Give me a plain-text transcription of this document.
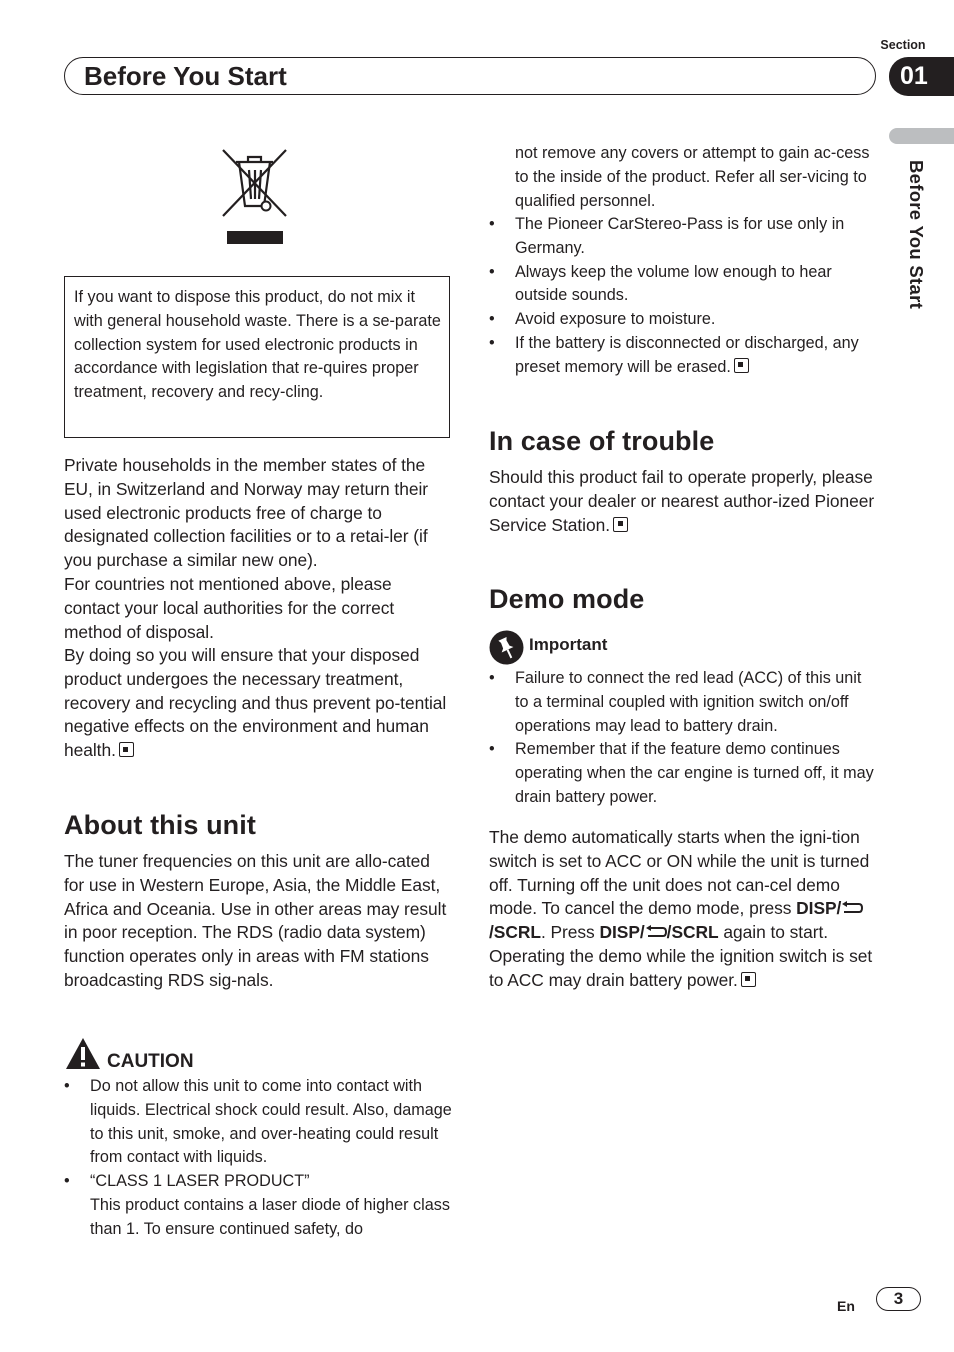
Section
Before You Start	01
Before You Start
If you want to dispose this product, do not mix it with general household waste. There is a se-parate collection system for used electronic products in accordance with legislation that re-quires proper treatment, recovery and recy-cling.
Private households in the member states of the EU, in Switzerland and Norway may return their used electronic products free of charge to designated collection facilities or to a retai-ler (if you purchase a similar new one).
For countries not mentioned above, please contact your local authorities for the correct method of disposal.
By doing so you will ensure that your disposed product undergoes the necessary treatment, recovery and recycling and thus prevent po-tential negative effects on the environment and human health.
About this unit
The tuner frequencies on this unit are allo-cated for use in Western Europe, Asia, the Middle East, Africa and Oceania. Use in other areas may result in poor reception. The RDS (radio data system) function operates only in areas with FM stations broadcasting RDS sig-nals.
CAUTION
• Do not allow this unit to come into contact with liquids. Electrical shock could result. Also, damage to this unit, smoke, and over-heating could result from contact with liquids.
• “CLASS 1 LASER PRODUCT”
This product contains a laser diode of higher class than 1. To ensure continued safety, do
not remove any covers or attempt to gain ac-cess to the inside of the product. Refer all ser-vicing to qualified personnel.
• The Pioneer CarStereo-Pass is for use only in Germany.
• Always keep the volume low enough to hear outside sounds.
• Avoid exposure to moisture.
• If the battery is disconnected or discharged, any preset memory will be erased.
In case of trouble
Should this product fail to operate properly, please contact your dealer or nearest author-ized Pioneer Service Station.
Demo mode
Important
• Failure to connect the red lead (ACC) of this unit to a terminal coupled with ignition switch on/off operations may lead to battery drain.
• Remember that if the feature demo continues operating when the car engine is turned off, it may drain battery power.
The demo automatically starts when the igni-tion switch is set to ACC or ON while the unit is turned off. Turning off the unit does not can-cel demo mode. To cancel the demo mode, press DISP//SCRL. Press DISP/ /SCRL again to start. Operating the demo while the ignition switch is set to ACC may drain battery power.
En	3
